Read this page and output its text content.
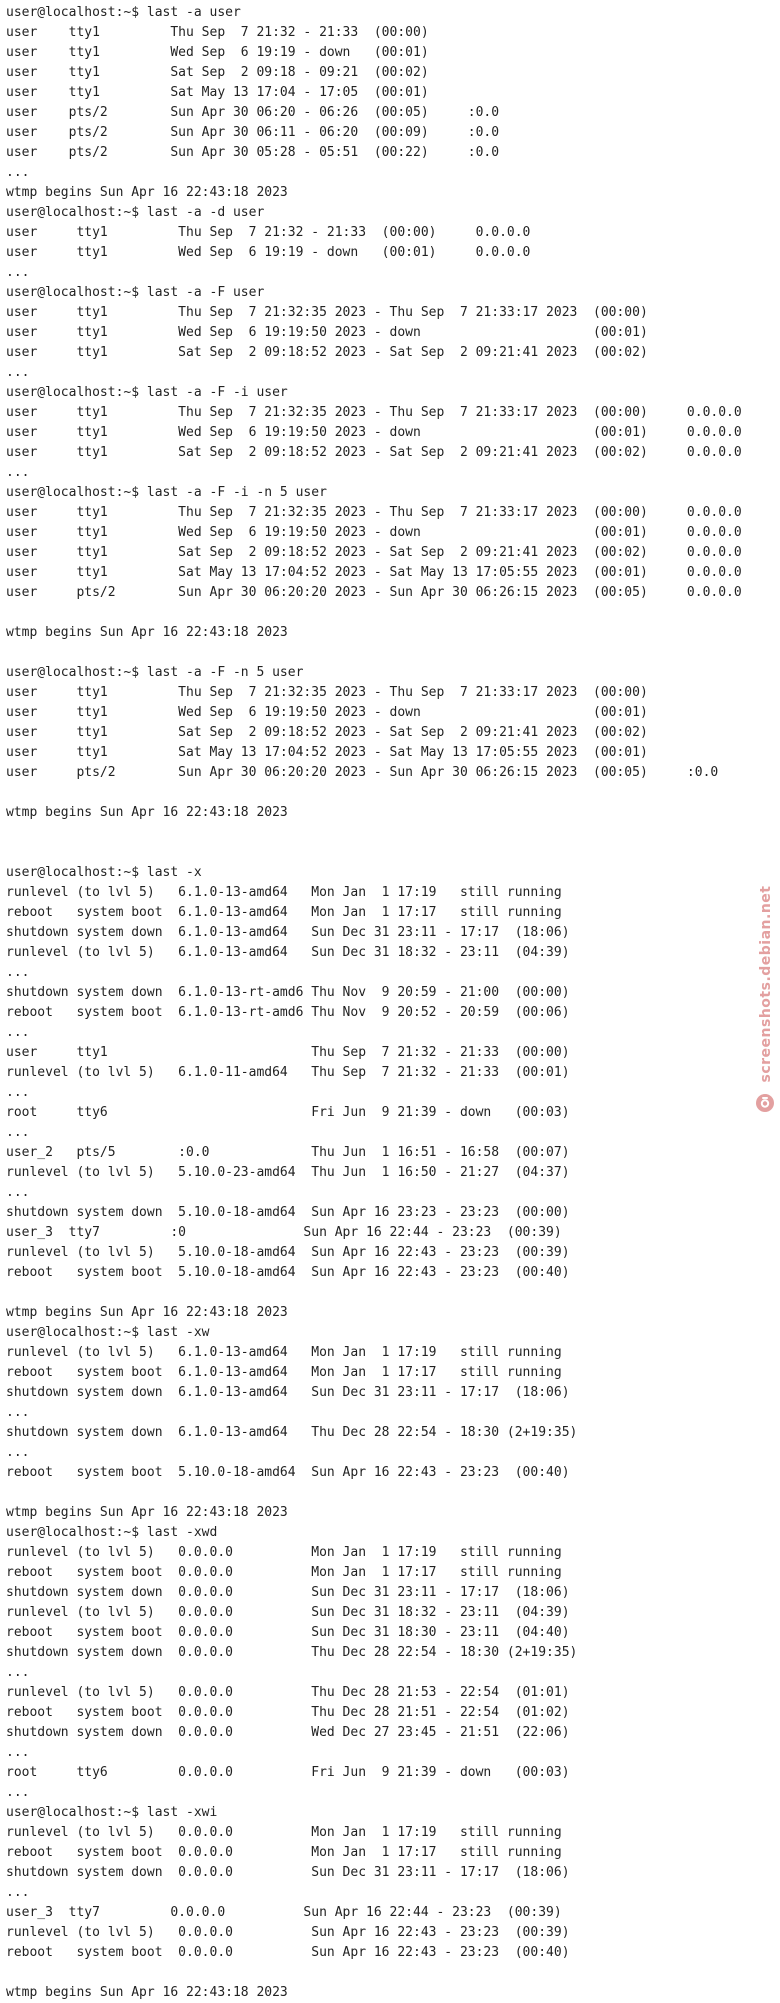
user@localhost:~$ last -a user
user    tty1         Thu Sep  7 21:32 - 21:33  (00:00)
user    tty1         Wed Sep  6 19:19 - down   (00:01)
user    tty1         Sat Sep  2 09:18 - 09:21  (00:02)
user    tty1         Sat May 13 17:04 - 17:05  (00:01)
user    pts/2        Sun Apr 30 06:20 - 06:26  (00:05)     :0.0
user    pts/2        Sun Apr 30 06:11 - 06:20  (00:09)     :0.0
user    pts/2        Sun Apr 30 05:28 - 05:51  (00:22)     :0.0
...
wtmp begins Sun Apr 16 22:43:18 2023
user@localhost:~$ last -a -d user
user     tty1         Thu Sep  7 21:32 - 21:33  (00:00)     0.0.0.0
user     tty1         Wed Sep  6 19:19 - down   (00:01)     0.0.0.0
...
user@localhost:~$ last -a -F user
user     tty1         Thu Sep  7 21:32:35 2023 - Thu Sep  7 21:33:17 2023  (00:00)
user     tty1         Wed Sep  6 19:19:50 2023 - down                      (00:01)
user     tty1         Sat Sep  2 09:18:52 2023 - Sat Sep  2 09:21:41 2023  (00:02)
...
user@localhost:~$ last -a -F -i user
user     tty1         Thu Sep  7 21:32:35 2023 - Thu Sep  7 21:33:17 2023  (00:00)     0.0.0.0
user     tty1         Wed Sep  6 19:19:50 2023 - down                      (00:01)     0.0.0.0
user     tty1         Sat Sep  2 09:18:52 2023 - Sat Sep  2 09:21:41 2023  (00:02)     0.0.0.0
...
user@localhost:~$ last -a -F -i -n 5 user
user     tty1         Thu Sep  7 21:32:35 2023 - Thu Sep  7 21:33:17 2023  (00:00)     0.0.0.0
user     tty1         Wed Sep  6 19:19:50 2023 - down                      (00:01)     0.0.0.0
user     tty1         Sat Sep  2 09:18:52 2023 - Sat Sep  2 09:21:41 2023  (00:02)     0.0.0.0
user     tty1         Sat May 13 17:04:52 2023 - Sat May 13 17:05:55 2023  (00:01)     0.0.0.0
user     pts/2        Sun Apr 30 06:20:20 2023 - Sun Apr 30 06:26:15 2023  (00:05)     0.0.0.0
wtmp begins Sun Apr 16 22:43:18 2023
user@localhost:~$ last -a -F -n 5 user
user     tty1         Thu Sep  7 21:32:35 2023 - Thu Sep  7 21:33:17 2023  (00:00)
user     tty1         Wed Sep  6 19:19:50 2023 - down                      (00:01)
user     tty1         Sat Sep  2 09:18:52 2023 - Sat Sep  2 09:21:41 2023  (00:02)
user     tty1         Sat May 13 17:04:52 2023 - Sat May 13 17:05:55 2023  (00:01)
user     pts/2        Sun Apr 30 06:20:20 2023 - Sun Apr 30 06:26:15 2023  (00:05)     :0.0
wtmp begins Sun Apr 16 22:43:18 2023
user@localhost:~$ last -x
runlevel (to lvl 5)   6.1.0-13-amd64   Mon Jan  1 17:19   still running
reboot   system boot  6.1.0-13-amd64   Mon Jan  1 17:17   still running
shutdown system down  6.1.0-13-amd64   Sun Dec 31 23:11 - 17:17  (18:06)
runlevel (to lvl 5)   6.1.0-13-amd64   Sun Dec 31 18:32 - 23:11  (04:39)
...
shutdown system down  6.1.0-13-rt-amd6 Thu Nov  9 20:59 - 21:00  (00:00)
reboot   system boot  6.1.0-13-rt-amd6 Thu Nov  9 20:52 - 20:59  (00:06)
...
user     tty1                          Thu Sep  7 21:32 - 21:33  (00:00)
runlevel (to lvl 5)   6.1.0-11-amd64   Thu Sep  7 21:32 - 21:33  (00:01)
...
root     tty6                          Fri Jun  9 21:39 - down   (00:03)
...
user_2   pts/5        :0.0             Thu Jun  1 16:51 - 16:58  (00:07)
runlevel (to lvl 5)   5.10.0-23-amd64  Thu Jun  1 16:50 - 21:27  (04:37)
...
shutdown system down  5.10.0-18-amd64  Sun Apr 16 23:23 - 23:23  (00:00)
user_3  tty7         :0               Sun Apr 16 22:44 - 23:23  (00:39)
runlevel (to lvl 5)   5.10.0-18-amd64  Sun Apr 16 22:43 - 23:23  (00:39)
reboot   system boot  5.10.0-18-amd64  Sun Apr 16 22:43 - 23:23  (00:40)
wtmp begins Sun Apr 16 22:43:18 2023
user@localhost:~$ last -xw
runlevel (to lvl 5)   6.1.0-13-amd64   Mon Jan  1 17:19   still running
reboot   system boot  6.1.0-13-amd64   Mon Jan  1 17:17   still running
shutdown system down  6.1.0-13-amd64   Sun Dec 31 23:11 - 17:17  (18:06)
...
shutdown system down  6.1.0-13-amd64   Thu Dec 28 22:54 - 18:30 (2+19:35)
...
reboot   system boot  5.10.0-18-amd64  Sun Apr 16 22:43 - 23:23  (00:40)
wtmp begins Sun Apr 16 22:43:18 2023
user@localhost:~$ last -xwd
runlevel (to lvl 5)   0.0.0.0          Mon Jan  1 17:19   still running
reboot   system boot  0.0.0.0          Mon Jan  1 17:17   still running
shutdown system down  0.0.0.0          Sun Dec 31 23:11 - 17:17  (18:06)
runlevel (to lvl 5)   0.0.0.0          Sun Dec 31 18:32 - 23:11  (04:39)
reboot   system boot  0.0.0.0          Sun Dec 31 18:30 - 23:11  (04:40)
shutdown system down  0.0.0.0          Thu Dec 28 22:54 - 18:30 (2+19:35)
...
runlevel (to lvl 5)   0.0.0.0          Thu Dec 28 21:53 - 22:54  (01:01)
reboot   system boot  0.0.0.0          Thu Dec 28 21:51 - 22:54  (01:02)
shutdown system down  0.0.0.0          Wed Dec 27 23:45 - 21:51  (22:06)
...
root     tty6         0.0.0.0          Fri Jun  9 21:39 - down   (00:03)
...
user@localhost:~$ last -xwi
runlevel (to lvl 5)   0.0.0.0          Mon Jan  1 17:19   still running
reboot   system boot  0.0.0.0          Mon Jan  1 17:17   still running
shutdown system down  0.0.0.0          Sun Dec 31 23:11 - 17:17  (18:06)
...
user_3  tty7         0.0.0.0          Sun Apr 16 22:44 - 23:23  (00:39)
runlevel (to lvl 5)   0.0.0.0          Sun Apr 16 22:43 - 23:23  (00:39)
reboot   system boot  0.0.0.0          Sun Apr 16 22:43 - 23:23  (00:40)
wtmp begins Sun Apr 16 22:43:18 2023
screenshots.debian.net
